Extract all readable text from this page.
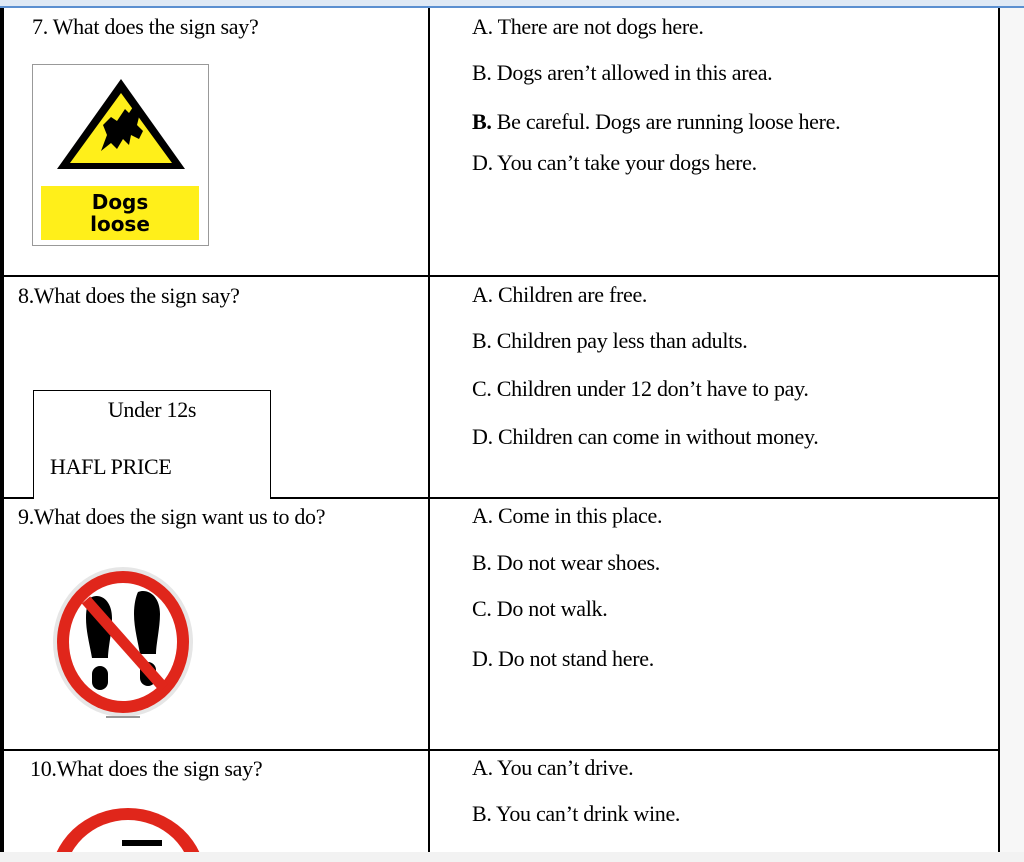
7. What does the sign say?
Dogs
loose
A. There are not dogs here.
B. Dogs aren’t allowed in this area.
B. Be careful. Dogs are running loose here.
D. You can’t take your dogs here.
8.What does the sign say?
Under 12s
HAFL PRICE
A. Children are free.
B. Children pay less than adults.
C. Children under 12 don’t have to pay.
D. Children can come in without money.
9.What does the sign want us to do?	A. Come in this place.
B. Do not wear shoes.
C. Do not walk.
D. Do not stand here.
10.What does the sign say?	A. You can’t drive.
B. You can’t drink wine.
